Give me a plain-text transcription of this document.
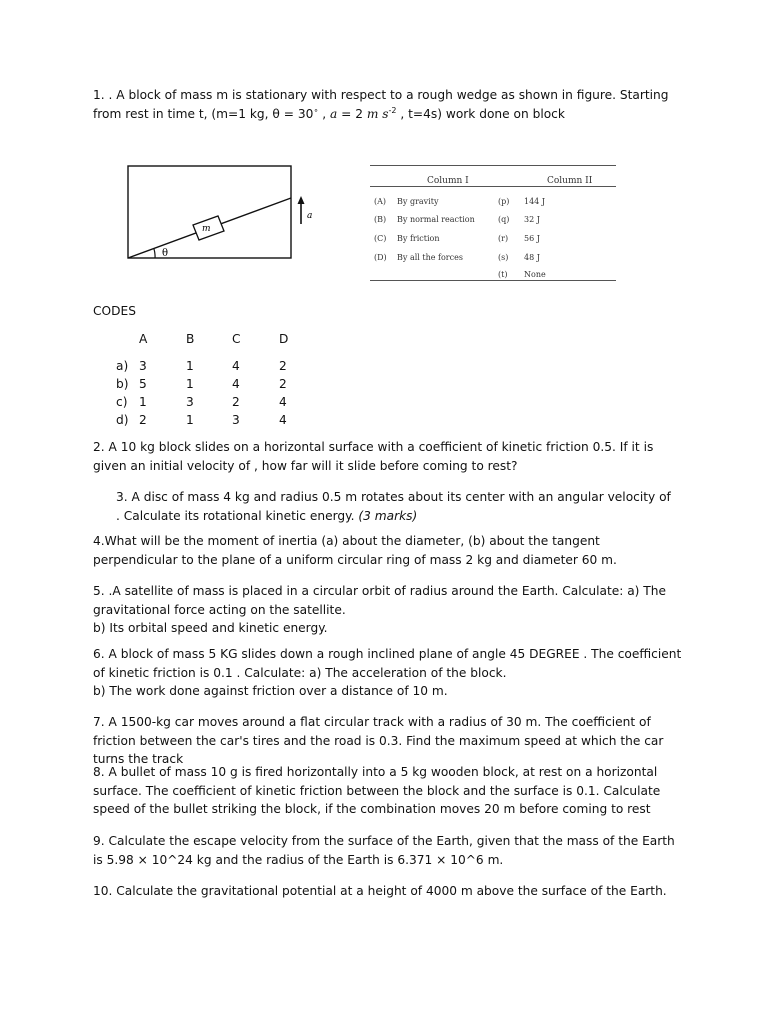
1. . A block of mass m is stationary with respect to a rough wedge as shown in figure. Starting from rest in time t, (m=1 kg, θ = 30∘ , a = 2 m $s^{-2}$ , t=4s) work done on block

m
θ
a
Column I	Column II
(A) By gravity	(p) 144 J
(B) By normal reaction	(q) 32 J
(C) By friction	(r) 56 J
(D) By all the forces	(s) 48 J
(t) None
CODES
A	B	C	D
a) 3	1	4	2
b) 5	1	4	2
c) 1	3	2	4
d) 2	1	3	4

2. A 10 kg block slides on a horizontal surface with a coefficient of kinetic friction 0.5. If it is given an initial velocity of , how far will it slide before coming to rest?

3. A disc of mass 4 kg and radius 0.5 m rotates about its center with an angular velocity of . Calculate its rotational kinetic energy. (3 marks)

4.What will be the moment of inertia (a) about the diameter, (b) about the tangent perpendicular to the plane of a uniform circular ring of mass 2 kg and diameter 60 m.

5. .A satellite of mass is placed in a circular orbit of radius around the Earth. Calculate: a) The gravitational force acting on the satellite.
b) Its orbital speed and kinetic energy.
6. A block of mass 5 KG slides down a rough inclined plane of angle 45 DEGREE . The coefficient of kinetic friction is 0.1 . Calculate: a) The acceleration of the block.
b) The work done against friction over a distance of 10 m.

7. A 1500-kg car moves around a flat circular track with a radius of 30 m. The coefficient of friction between the car's tires and the road is 0.3. Find the maximum speed at which the car turns the track

8. A bullet of mass 10 g is fired horizontally into a 5 kg wooden block, at rest on a horizontal surface. The coefficient of kinetic friction between the block and the surface is 0.1. Calculate speed of the bullet striking the block, if the combination moves 20 m before coming to rest

9. Calculate the escape velocity from the surface of the Earth, given that the mass of the Earth is 5.98 × 10^24 kg and the radius of the Earth is 6.371 × 10^6 m.

10. Calculate the gravitational potential at a height of 4000 m above the surface of the Earth.
